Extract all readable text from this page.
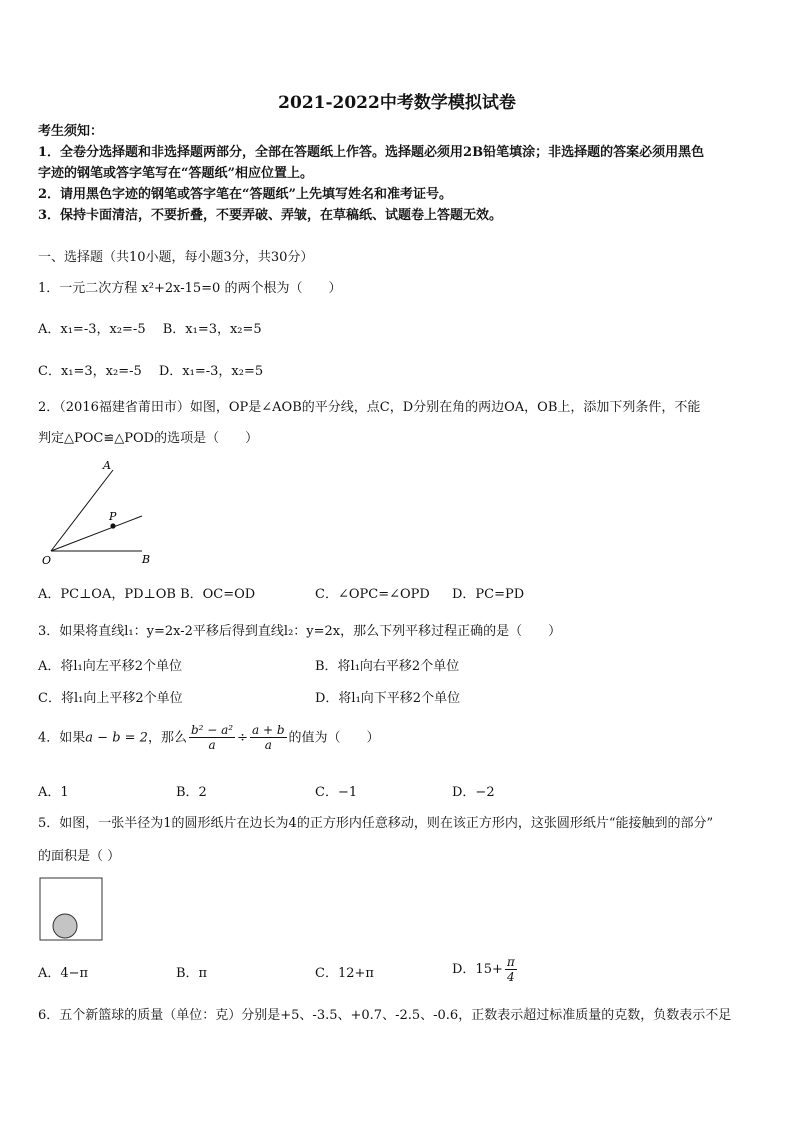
2021-2022中考数学模拟试卷
考生须知：
1．全卷分选择题和非选择题两部分，全部在答题纸上作答。选择题必须用2B铅笔填涂；非选择题的答案必须用黑色
字迹的钢笔或答字笔写在“答题纸”相应位置上。
2．请用黑色字迹的钢笔或答字笔在“答题纸”上先填写姓名和准考证号。
3．保持卡面清洁，不要折叠，不要弄破、弄皱，在草稿纸、试题卷上答题无效。
一、选择题（共10小题，每小题3分，共30分）
1．一元二次方程 x²+2x-15=0 的两个根为（　　）
A．x₁=-3，x₂=-5　 B．x₁=3，x₂=5
C．x₁=3，x₂=-5　 D．x₁=-3，x₂=5
2．（2016福建省莆田市）如图，OP是∠AOB的平分线，点C，D分别在角的两边OA，OB上，添加下列条件，不能
判定△POC≌△POD的选项是（　　）
A
P
O	B
A．PC⊥OA，PD⊥OB B．OC=OD	C．∠OPC=∠OPD D．PC=PD
3．如果将直线l₁：y=2x-2平移后得到直线l₂：y=2x，那么下列平移过程正确的是（　　）
A．将l₁向左平移2个单位	B．将l₁向右平移2个单位
C．将l₁向上平移2个单位	D．将l₁向下平移2个单位
4．如果a − b = 2，那么 $\frac{\text{b² − a²}}{a} \div \frac{a + b}{a}$ 的值为（　　）
A．1	B．2	C．−1	D．−2
5．如图，一张半径为1的圆形纸片在边长为4的正方形内任意移动，则在该正方形内，这张圆形纸片“能接触到的部分”
的面积是（ ）
A．4−π	B．π	C．12+π	D．$15+ \frac{\pi}{4}$
6．五个新篮球的质量（单位：克）分别是+5、-3.5、+0.7、-2.5、-0.6，正数表示超过标准质量的克数，负数表示不足
